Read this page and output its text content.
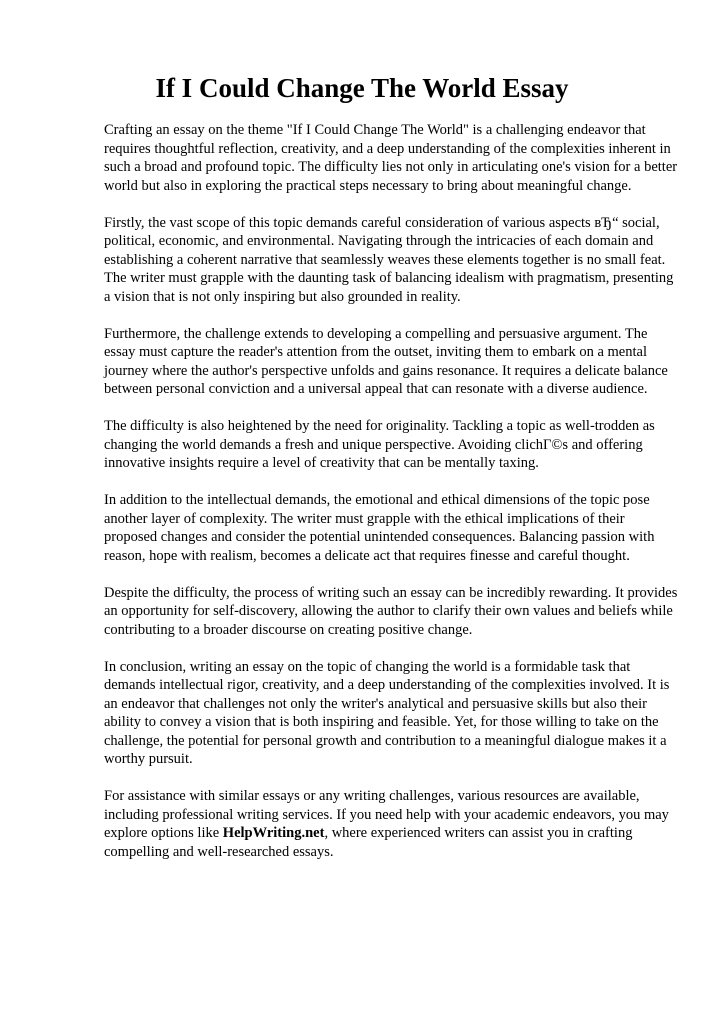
If I Could Change The World Essay

Crafting an essay on the theme "If I Could Change The World" is a challenging endeavor that requires thoughtful reflection, creativity, and a deep understanding of the complexities inherent in such a broad and profound topic. The difficulty lies not only in articulating one's vision for a better world but also in exploring the practical steps necessary to bring about meaningful change.

Firstly, the vast scope of this topic demands careful consideration of various aspects вЂ“ social, political, economic, and environmental. Navigating through the intricacies of each domain and establishing a coherent narrative that seamlessly weaves these elements together is no small feat. The writer must grapple with the daunting task of balancing idealism with pragmatism, presenting a vision that is not only inspiring but also grounded in reality.

Furthermore, the challenge extends to developing a compelling and persuasive argument. The essay must capture the reader's attention from the outset, inviting them to embark on a mental journey where the author's perspective unfolds and gains resonance. It requires a delicate balance between personal conviction and a universal appeal that can resonate with a diverse audience.

The difficulty is also heightened by the need for originality. Tackling a topic as well-trodden as changing the world demands a fresh and unique perspective. Avoiding clichГ©s and offering innovative insights require a level of creativity that can be mentally taxing.

In addition to the intellectual demands, the emotional and ethical dimensions of the topic pose another layer of complexity. The writer must grapple with the ethical implications of their proposed changes and consider the potential unintended consequences. Balancing passion with reason, hope with realism, becomes a delicate act that requires finesse and careful thought.

Despite the difficulty, the process of writing such an essay can be incredibly rewarding. It provides an opportunity for self-discovery, allowing the author to clarify their own values and beliefs while contributing to a broader discourse on creating positive change.

In conclusion, writing an essay on the topic of changing the world is a formidable task that demands intellectual rigor, creativity, and a deep understanding of the complexities involved. It is an endeavor that challenges not only the writer's analytical and persuasive skills but also their ability to convey a vision that is both inspiring and feasible. Yet, for those willing to take on the challenge, the potential for personal growth and contribution to a meaningful dialogue makes it a worthy pursuit.

For assistance with similar essays or any writing challenges, various resources are available, including professional writing services. If you need help with your academic endeavors, you may explore options like HelpWriting.net, where experienced writers can assist you in crafting compelling and well-researched essays.
